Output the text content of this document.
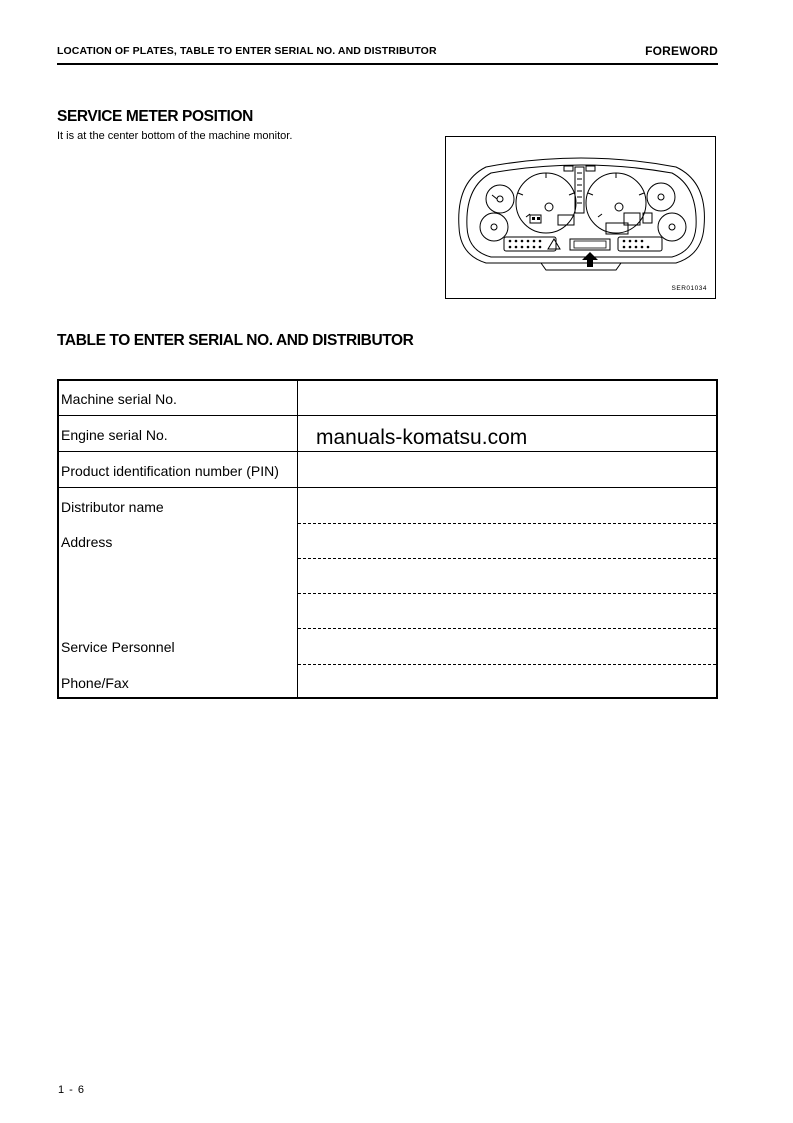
LOCATION OF PLATES, TABLE TO ENTER SERIAL NO. AND DISTRIBUTOR	FOREWORD
SERVICE METER POSITION
It is at the center bottom of the machine monitor.
SER01034
TABLE TO ENTER SERIAL NO. AND DISTRIBUTOR
Machine serial No.
Engine serial No.
Product identification number (PIN)
Distributor name
Address
Service Personnel
Phone/Fax
manuals-komatsu.com
1 - 6
